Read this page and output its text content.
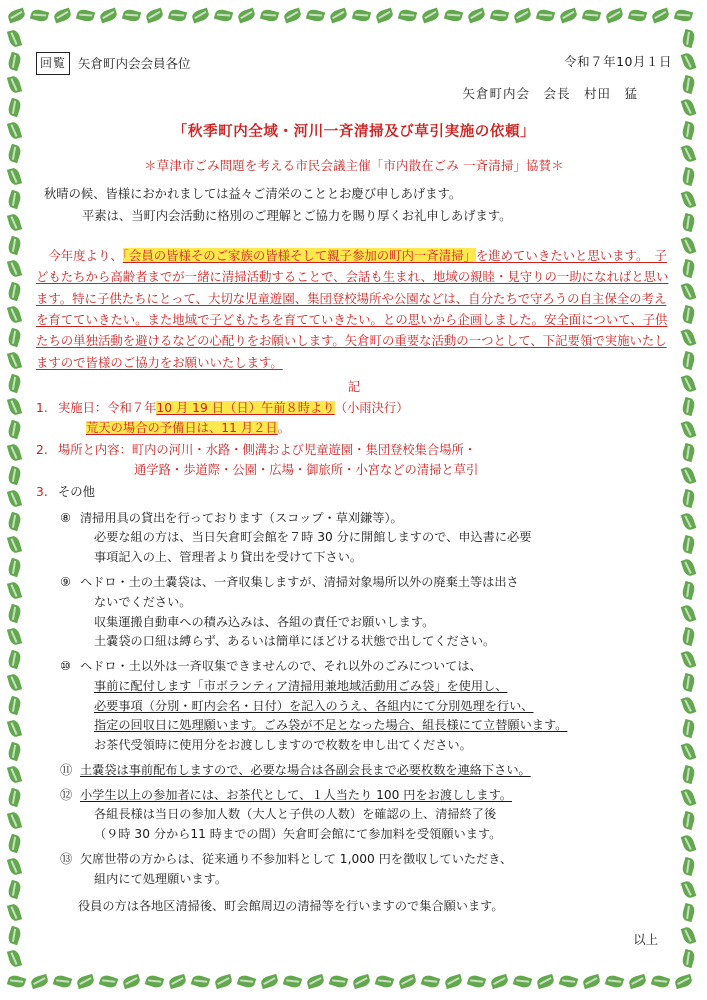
回覧 矢倉町内会会員各位	令和７年10月１日
矢倉町内会　会長　村田　猛
「秋季町内全域・河川一斉清掃及び草引実施の依頼」
＊草津市ごみ問題を考える市民会議主催「市内散在ごみ 一斉清掃」協賛＊
秋晴の候、皆様におかれましては益々ご清栄のこととお慶び申しあげます。
平素は、当町内会活動に格別のご理解とご協力を賜り厚くお礼申しあげます。

今年度より、「会員の皆様そのご家族の皆様そして親子参加の町内一斉清掃」を進めていきたいと思います。　子どもたちから高齢者までが一緒に清掃活動することで、会話も生まれ、地域の親睦・見守りの一助になればと思います。特に子供たちにとって、大切な児童遊園、集団登校場所や公園などは、自分たちで守ろうの自主保全の考えを育てていきたい。また地域で子どもたちを育てていきたい。との思いから企画しました。安全面について、子供たちの単独活動を避けるなどの心配りをお願いします。矢倉町の重要な活動の一つとして、下記要領で実施いたしますので皆様のご協力をお願いいたします。

記
1. 実施日：令和７年10 月 19 日（日）午前８時より（小雨決行）
荒天の場合の予備日は、11 月２日。
2. 場所と内容：町内の河川・水路・側溝および児童遊園・集団登校集合場所・
通学路・歩道際・公園・広場・御旅所・小宮などの清掃と草引
3. その他
⑧ 清掃用具の貸出を行っております（スコップ・草刈鎌等）。
必要な組の方は、当日矢倉町会館を７時 30 分に開館しますので、申込書に必要
事項記入の上、管理者より貸出を受けて下さい。
⑨ ヘドロ・土の土嚢袋は、一斉収集しますが、清掃対象場所以外の廃棄土等は出さ
ないでください。
収集運搬自動車への積み込みは、各組の責任でお願いします。
土嚢袋の口紐は縛らず、あるいは簡単にほどける状態で出してください。
⑩ ヘドロ・土以外は一斉収集できませんので、それ以外のごみについては、
事前に配付します「市ボランティア清掃用兼地域活動用ごみ袋」を使用し、
必要事項（分別・町内会名・日付）を記入のうえ、各組内にて分別処理を行い、
指定の回収日に処理願います。ごみ袋が不足となった場合、組長様にて立替願います。
お茶代受領時に使用分をお渡ししますので枚数を申し出てください。
⑪ 土嚢袋は事前配布しますので、必要な場合は各副会長まで必要枚数を連絡下さい。
⑫ 小学生以上の参加者には、お茶代として、１人当たり 100 円をお渡しします。
各組長様は当日の参加人数（大人と子供の人数）を確認の上、清掃終了後
（９時 30 分から11 時までの間）矢倉町会館にて参加料を受領願います。
⑬ 欠席世帯の方からは、従来通り不参加料として 1,000 円を徴収していただき、
組内にて処理願います。
役員の方は各地区清掃後、町会館周辺の清掃等を行いますので集合願います。
以上
